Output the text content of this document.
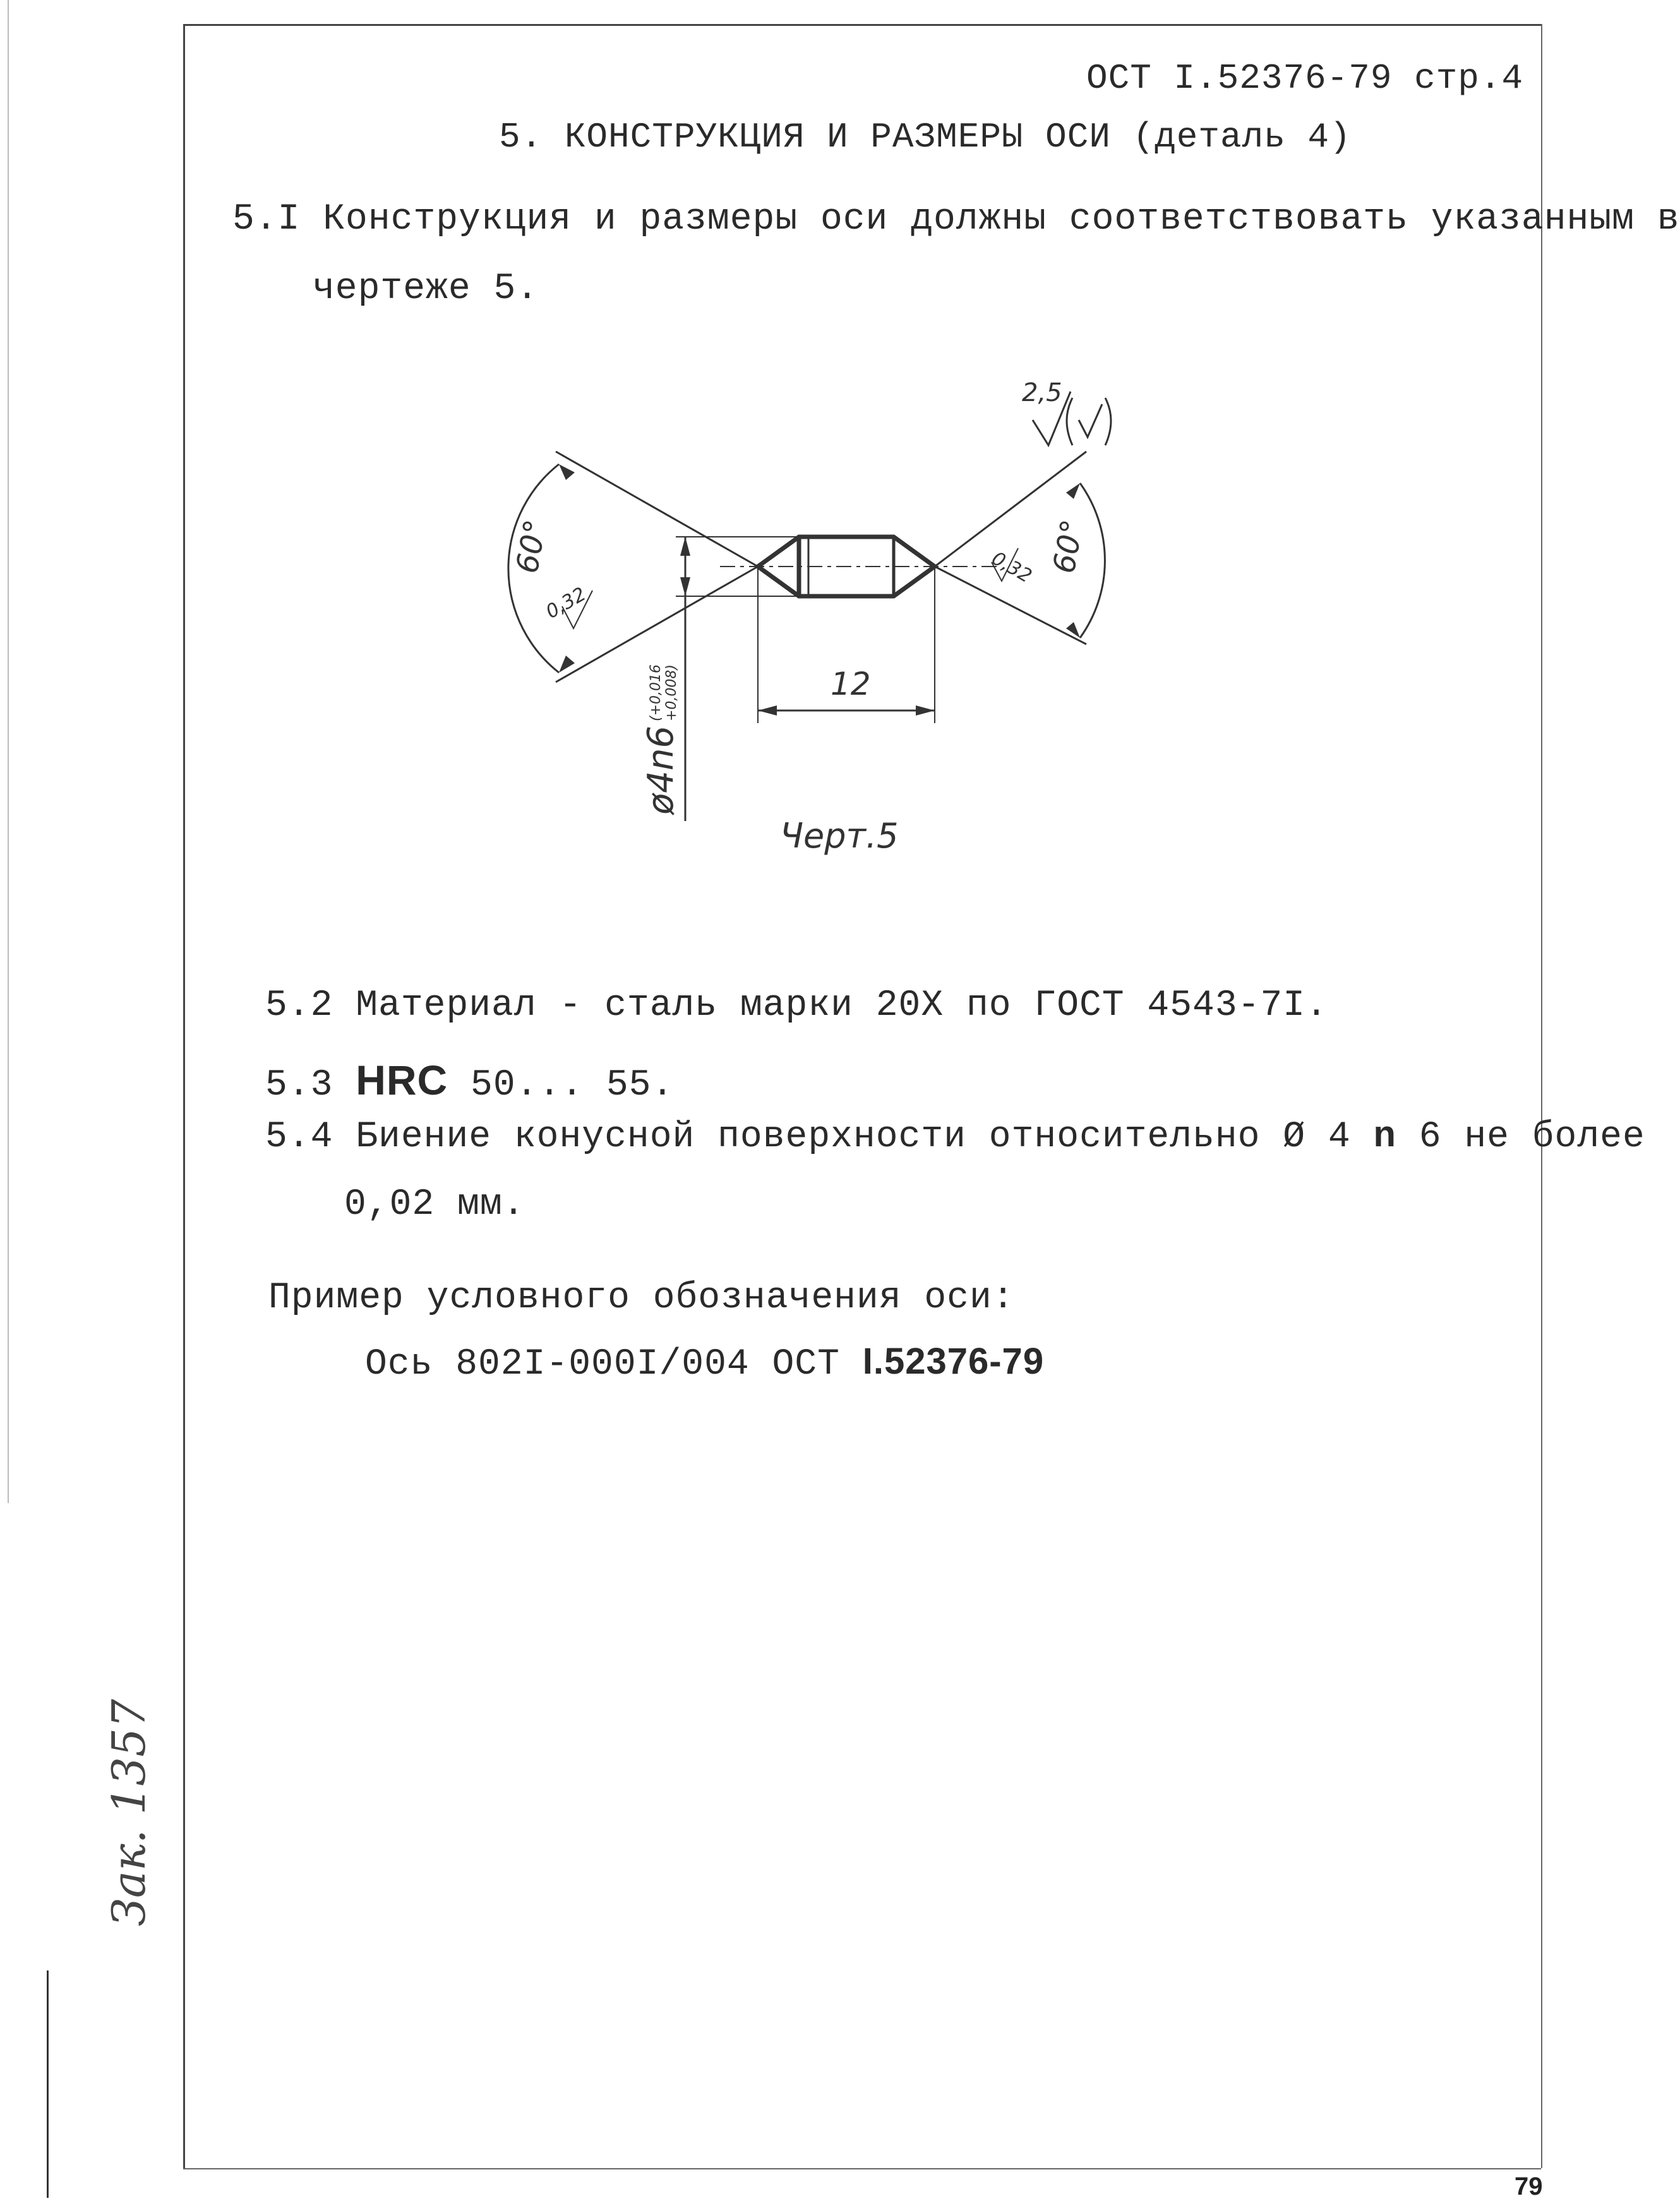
ОСТ I.52376-79 стр.4
5. КОНСТРУКЦИЯ И РАЗМЕРЫ ОСИ (деталь 4)
5.I Конструкция и размеры оси должны соответствовать указанным в
чертеже 5.
2,5
60°	60°
0,32
0,32
12
ø4n6
(+0,016 +0,008)
Черт.5
5.2 Материал - сталь марки 20Х по ГОСТ 4543-7I.
5.3 HRC 50... 55.
5.4 Биение конусной поверхности относительно Ø 4 n 6 не более
0,02 мм.
Пример условного обозначения оси:
Ось 802I-000I/004 ОСТ I.52376-79
Зак. 1357
79
